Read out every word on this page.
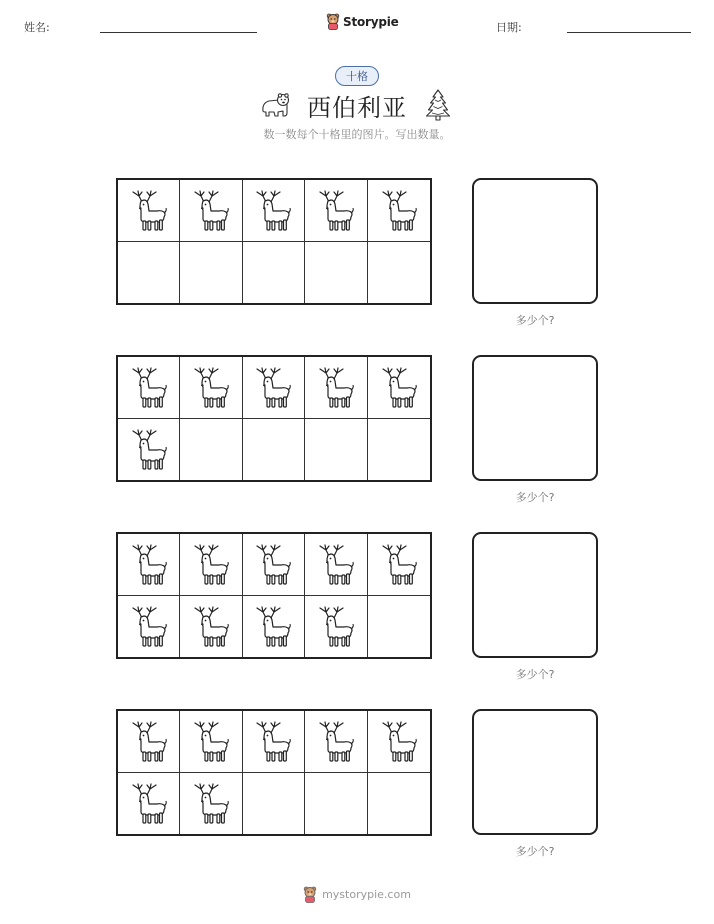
姓名:	Storypie	日期:
十格
西伯利亚
数一数每个十格里的图片。写出数量。
多少个?
多少个?
多少个?
多少个?
mystorypie.com
